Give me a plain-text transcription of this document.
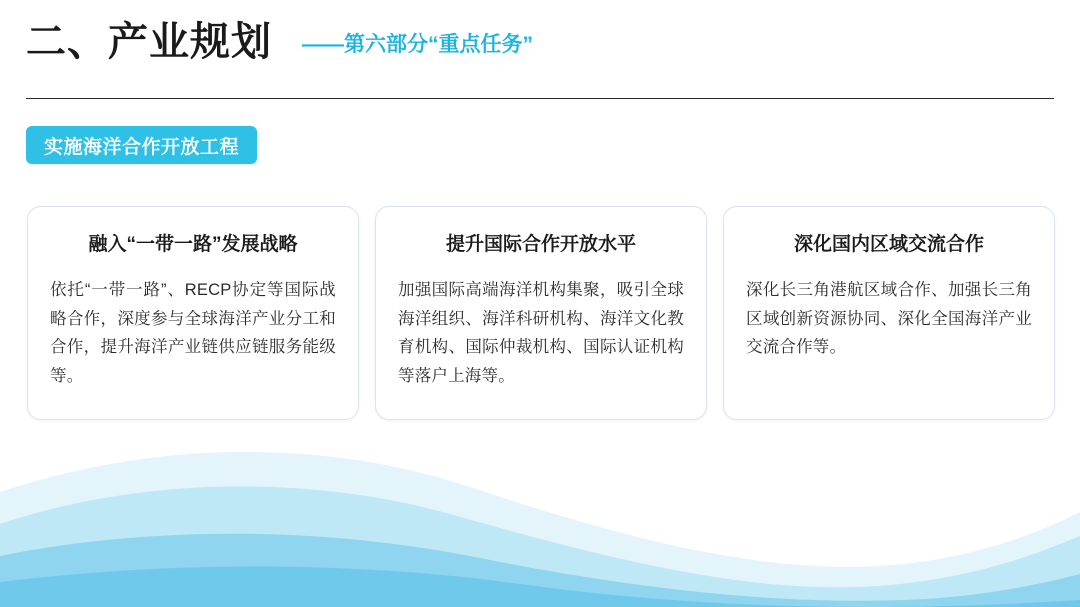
二、产业规划 ——第六部分“重点任务”
实施海洋合作开放工程
融入“一带一路”发展战略
依托“一带一路”、RECP协定等国际战略合作，深度参与全球海洋产业分工和合作，提升海洋产业链供应链服务能级等。
提升国际合作开放水平
加强国际高端海洋机构集聚，吸引全球海洋组织、海洋科研机构、海洋文化教育机构、国际仲裁机构、国际认证机构等落户上海等。
深化国内区域交流合作
深化长三角港航区域合作、加强长三角区域创新资源协同、深化全国海洋产业交流合作等。
